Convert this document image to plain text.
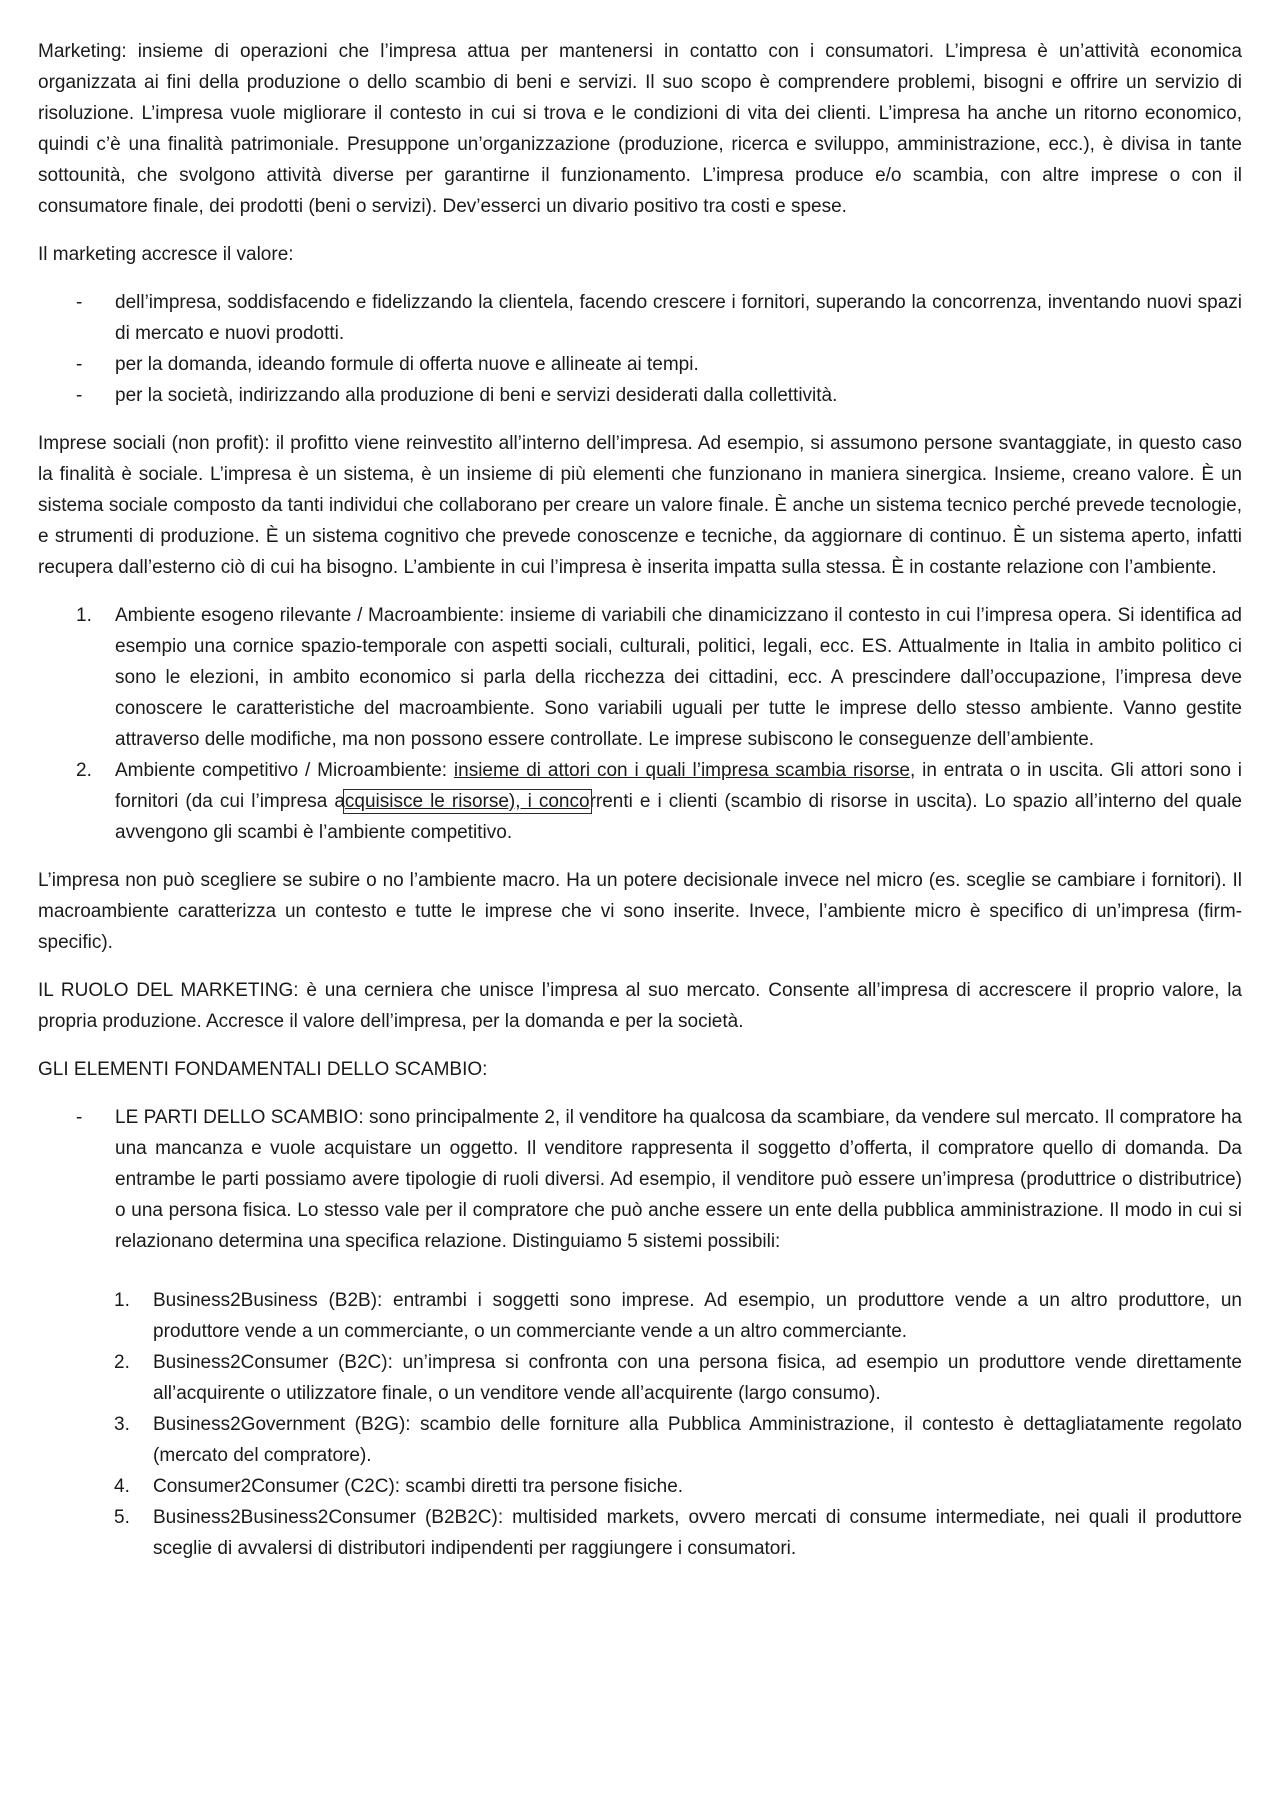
Marketing: insieme di operazioni che l’impresa attua per mantenersi in contatto con i consumatori. L’impresa è un’attività economica organizzata ai fini della produzione o dello scambio di beni e servizi. Il suo scopo è comprendere problemi, bisogni e offrire un servizio di risoluzione. L’impresa vuole migliorare il contesto in cui si trova e le condizioni di vita dei clienti. L’impresa ha anche un ritorno economico, quindi c’è una finalità patrimoniale. Presuppone un’organizzazione (produzione, ricerca e sviluppo, amministrazione, ecc.), è divisa in tante sottounità, che svolgono attività diverse per garantirne il funzionamento. L’impresa produce e/o scambia, con altre imprese o con il consumatore finale, dei prodotti (beni o servizi). Dev’esserci un divario positivo tra costi e spese.

Il marketing accresce il valore:

- dell’impresa, soddisfacendo e fidelizzando la clientela, facendo crescere i fornitori, superando la concorrenza, inventando nuovi spazi di mercato e nuovi prodotti.
- per la domanda, ideando formule di offerta nuove e allineate ai tempi.
- per la società, indirizzando alla produzione di beni e servizi desiderati dalla collettività.

Imprese sociali (non profit): il profitto viene reinvestito all’interno dell’impresa. Ad esempio, si assumono persone svantaggiate, in questo caso la finalità è sociale. L’impresa è un sistema, è un insieme di più elementi che funzionano in maniera sinergica. Insieme, creano valore. È un sistema sociale composto da tanti individui che collaborano per creare un valore finale. È anche un sistema tecnico perché prevede tecnologie, e strumenti di produzione. È un sistema cognitivo che prevede conoscenze e tecniche, da aggiornare di continuo. È un sistema aperto, infatti recupera dall’esterno ciò di cui ha bisogno. L’ambiente in cui l’impresa è inserita impatta sulla stessa. È in costante relazione con l’ambiente.

1. Ambiente esogeno rilevante / Macroambiente: insieme di variabili che dinamicizzano il contesto in cui l’impresa opera. Si identifica ad esempio una cornice spazio-temporale con aspetti sociali, culturali, politici, legali, ecc. ES. Attualmente in Italia in ambito politico ci sono le elezioni, in ambito economico si parla della ricchezza dei cittadini, ecc. A prescindere dall’occupazione, l’impresa deve conoscere le caratteristiche del macroambiente. Sono variabili uguali per tutte le imprese dello stesso ambiente. Vanno gestite attraverso delle modifiche, ma non possono essere controllate. Le imprese subiscono le conseguenze dell’ambiente.
2. Ambiente competitivo / Microambiente: insieme di attori con i quali l’impresa scambia risorse, in entrata o in uscita. Gli attori sono i fornitori (da cui l’impresa acquisisce le risorse), i concorrenti e i clienti (scambio di risorse in uscita). Lo spazio all’interno del quale avvengono gli scambi è l’ambiente competitivo.

L’impresa non può scegliere se subire o no l’ambiente macro. Ha un potere decisionale invece nel micro (es. sceglie se cambiare i fornitori). Il macroambiente caratterizza un contesto e tutte le imprese che vi sono inserite. Invece, l’ambiente micro è specifico di un’impresa (firm-specific).

IL RUOLO DEL MARKETING: è una cerniera che unisce l’impresa al suo mercato. Consente all’impresa di accrescere il proprio valore, la propria produzione. Accresce il valore dell’impresa, per la domanda e per la società.

GLI ELEMENTI FONDAMENTALI DELLO SCAMBIO:

- LE PARTI DELLO SCAMBIO: sono principalmente 2, il venditore ha qualcosa da scambiare, da vendere sul mercato. Il compratore ha una mancanza e vuole acquistare un oggetto. Il venditore rappresenta il soggetto d’offerta, il compratore quello di domanda. Da entrambe le parti possiamo avere tipologie di ruoli diversi. Ad esempio, il venditore può essere un’impresa (produttrice o distributrice) o una persona fisica. Lo stesso vale per il compratore che può anche essere un ente della pubblica amministrazione. Il modo in cui si relazionano determina una specifica relazione. Distinguiamo 5 sistemi possibili:
1. Business2Business (B2B): entrambi i soggetti sono imprese. Ad esempio, un produttore vende a un altro produttore, un produttore vende a un commerciante, o un commerciante vende a un altro commerciante.
2. Business2Consumer (B2C): un’impresa si confronta con una persona fisica, ad esempio un produttore vende direttamente all’acquirente o utilizzatore finale, o un venditore vende all’acquirente (largo consumo).
3. Business2Government (B2G): scambio delle forniture alla Pubblica Amministrazione, il contesto è dettagliatamente regolato (mercato del compratore).
4. Consumer2Consumer (C2C): scambi diretti tra persone fisiche.
5. Business2Business2Consumer (B2B2C): multisided markets, ovvero mercati di consume intermediate, nei quali il produttore sceglie di avvalersi di distributori indipendenti per raggiungere i consumatori.
